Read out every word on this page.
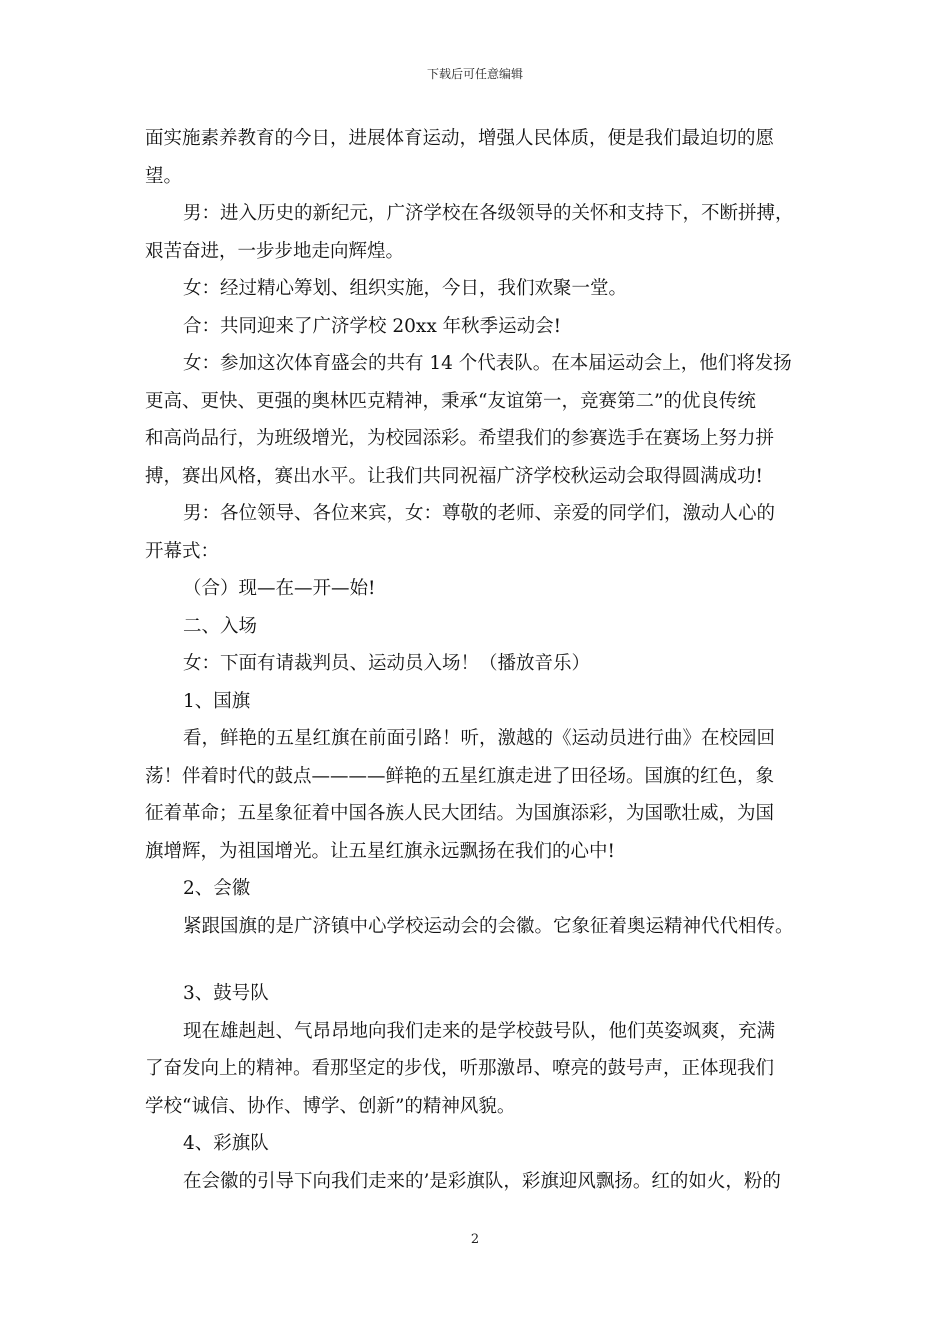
下载后可任意编辑
面实施素养教育的今日，进展体育运动，增强人民体质，便是我们最迫切的愿
望。
男：进入历史的新纪元，广济学校在各级领导的关怀和支持下，不断拼搏，
艰苦奋进，一步步地走向辉煌。
女：经过精心筹划、组织实施，今日，我们欢聚一堂。
合：共同迎来了广济学校 20xx 年秋季运动会!
女：参加这次体育盛会的共有 14 个代表队。在本届运动会上，他们将发扬
更高、更快、更强的奥林匹克精神，秉承“友谊第一，竞赛第二”的优良传统
和高尚品行，为班级增光，为校园添彩。希望我们的参赛选手在赛场上努力拼
搏，赛出风格，赛出水平。让我们共同祝福广济学校秋运动会取得圆满成功!
男：各位领导、各位来宾，女：尊敬的老师、亲爱的同学们，激动人心的
开幕式：
（合）现—在—开—始!
二、入场
女：下面有请裁判员、运动员入场！（播放音乐）
1、国旗
看，鲜艳的五星红旗在前面引路！听，激越的《运动员进行曲》在校园回
荡！伴着时代的鼓点————鲜艳的五星红旗走进了田径场。国旗的红色，象
征着革命；五星象征着中国各族人民大团结。为国旗添彩，为国歌壮威，为国
旗增辉，为祖国增光。让五星红旗永远飘扬在我们的心中!
2、会徽
紧跟国旗的是广济镇中心学校运动会的会徽。它象征着奥运精神代代相传。
3、鼓号队
现在雄赳赳、气昂昂地向我们走来的是学校鼓号队，他们英姿飒爽，充满
了奋发向上的精神。看那坚定的步伐，听那激昂、嘹亮的鼓号声，正体现我们
学校“诚信、协作、博学、创新”的精神风貌。
4、彩旗队
在会徽的引导下向我们走来的’是彩旗队，彩旗迎风飘扬。红的如火，粉的
2
